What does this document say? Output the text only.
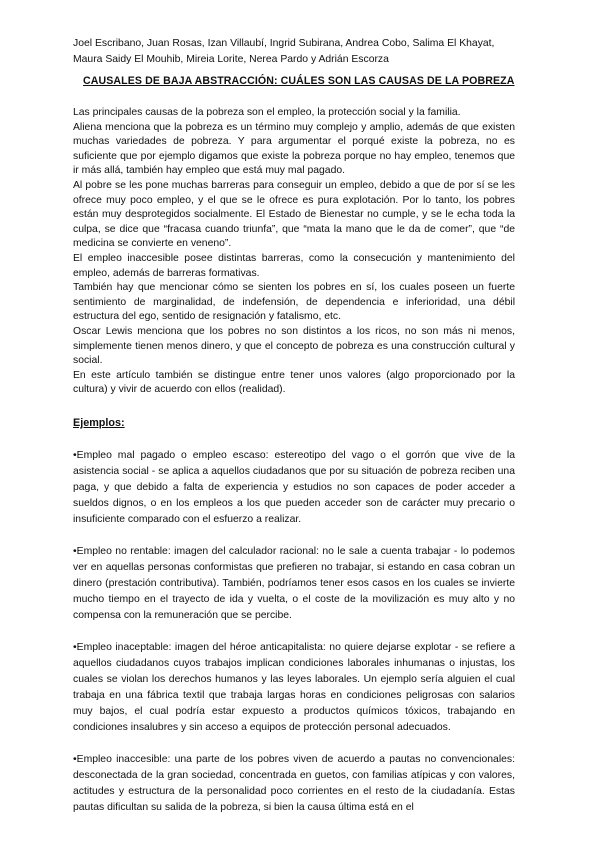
Joel Escribano, Juan Rosas, Izan Villaubí, Ingrid Subirana, Andrea Cobo, Salima El Khayat, Maura Saidy El Mouhib, Mireia Lorite, Nerea Pardo y Adrián Escorza

CAUSALES DE BAJA ABSTRACCIÓN: CUÁLES SON LAS CAUSAS DE LA POBREZA

Las principales causas de la pobreza son el empleo, la protección social y la familia.

Aliena menciona que la pobreza es un término muy complejo y amplio, además de que existen muchas variedades de pobreza. Y para argumentar el porqué existe la pobreza, no es suficiente que por ejemplo digamos que existe la pobreza porque no hay empleo, tenemos que ir más allá, también hay empleo que está muy mal pagado.

Al pobre se les pone muchas barreras para conseguir un empleo, debido a que de por sí se les ofrece muy poco empleo, y el que se le ofrece es pura explotación. Por lo tanto, los pobres están muy desprotegidos socialmente. El Estado de Bienestar no cumple, y se le echa toda la culpa, se dice que “fracasa cuando triunfa”, que “mata la mano que le da de comer”, que “de medicina se convierte en veneno”.

El empleo inaccesible posee distintas barreras, como la consecución y mantenimiento del empleo, además de barreras formativas.

También hay que mencionar cómo se sienten los pobres en sí, los cuales poseen un fuerte sentimiento de marginalidad, de indefensión, de dependencia e inferioridad, una débil estructura del ego, sentido de resignación y fatalismo, etc.

Oscar Lewis menciona que los pobres no son distintos a los ricos, no son más ni menos, simplemente tienen menos dinero, y que el concepto de pobreza es una construcción cultural y social.

En este artículo también se distingue entre tener unos valores (algo proporcionado por la cultura) y vivir de acuerdo con ellos (realidad).

Ejemplos:

•Empleo mal pagado o empleo escaso: estereotipo del vago o el gorrón que vive de la asistencia social - se aplica a aquellos ciudadanos que por su situación de pobreza reciben una paga, y que debido a falta de experiencia y estudios no son capaces de poder acceder a sueldos dignos, o en los empleos a los que pueden acceder son de carácter muy precario o insuficiente comparado con el esfuerzo a realizar.

•Empleo no rentable: imagen del calculador racional: no le sale a cuenta trabajar - lo podemos ver en aquellas personas conformistas que prefieren no trabajar, si estando en casa cobran un dinero (prestación contributiva). También, podríamos tener esos casos en los cuales se invierte mucho tiempo en el trayecto de ida y vuelta, o el coste de la movilización es muy alto y no compensa con la remuneración que se percibe.

•Empleo inaceptable: imagen del héroe anticapitalista: no quiere dejarse explotar - se refiere a aquellos ciudadanos cuyos trabajos implican condiciones laborales inhumanas o injustas, los cuales se violan los derechos humanos y las leyes laborales. Un ejemplo sería alguien el cual trabaja en una fábrica textil que trabaja largas horas en condiciones peligrosas con salarios muy bajos, el cual podría estar expuesto a productos químicos tóxicos, trabajando en condiciones insalubres y sin acceso a equipos de protección personal adecuados.

•Empleo inaccesible: una parte de los pobres viven de acuerdo a pautas no convencionales: desconectada de la gran sociedad, concentrada en guetos, con familias atípicas y con valores, actitudes y estructura de la personalidad poco corrientes en el resto de la ciudadanía. Estas pautas dificultan su salida de la pobreza, si bien la causa última está en el
